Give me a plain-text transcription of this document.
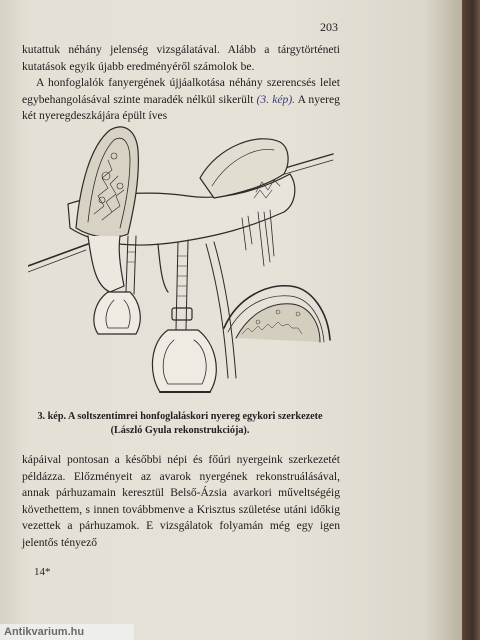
203

kutattuk néhány jelenség vizsgálatával. Alább a tárgytörténeti kutatások egyik újabb eredményéről számolok be.

A honfoglalók fanyergének újjáalkotása néhány szerencsés lelet egybehangolásával szinte maradék nélkül sikerült (3. kép). A nyereg két nyeregdeszkájára épült íves

3. kép. A soltszentimrei honfoglaláskori nyereg egykori szerkezete
(László Gyula rekonstrukciója).

kápáival pontosan a későbbi népi és főúri nyergeink szerkezetét példázza. Előzményeit az avarok nyergének rekonstruálásával, annak párhuzamain keresztül Belső-Ázsia avarkori műveltségéig követhettem, s innen továbbmenve a Krisztus születése utáni időkig vezettek a párhuzamok. E vizsgálatok folyamán még egy igen jelentős tényező

14*
Antikvarium.hu
